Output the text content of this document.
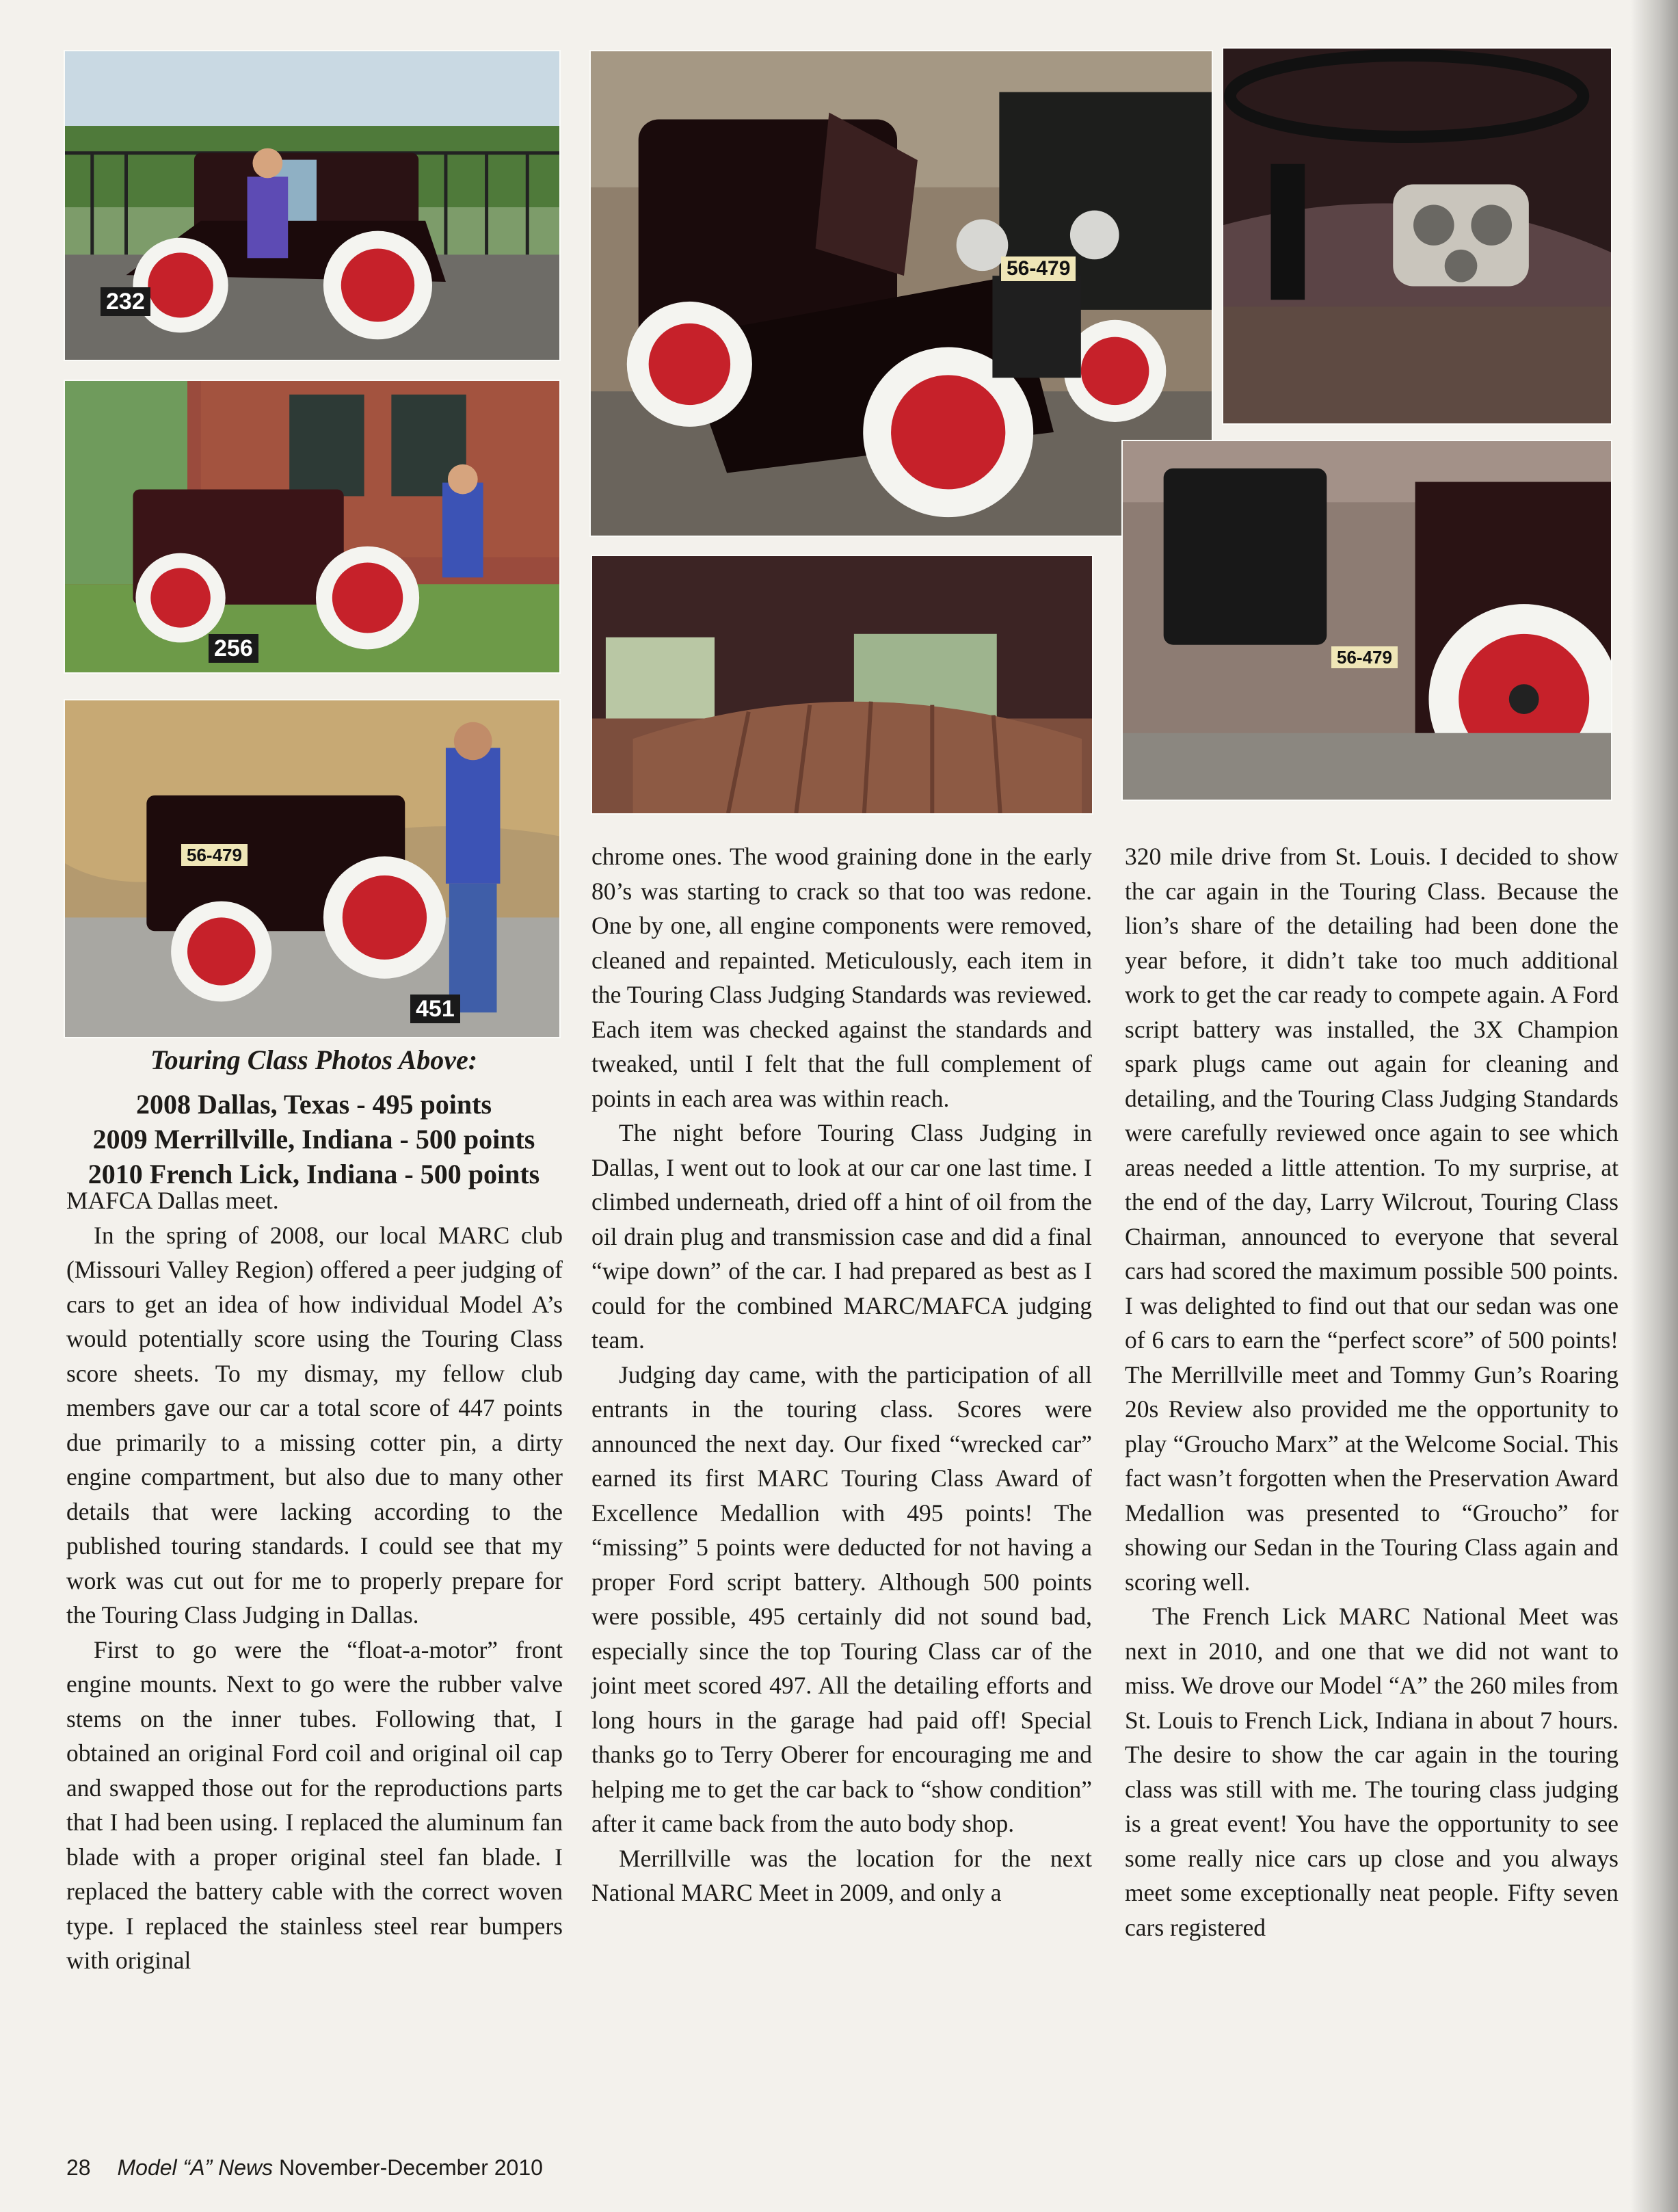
232
256
56-479
451
56-479
56-479
Touring Class Photos Above:
2008 Dallas, Texas - 495 points
2009 Merrillville, Indiana - 500 points
2010 French Lick, Indiana - 500 points

MAFCA Dallas meet.

In the spring of 2008, our local MARC club (Missouri Valley Region) offered a peer judging of cars to get an idea of how individual Model A’s would potentially score using the Touring Class score sheets. To my dismay, my fellow club members gave our car a total score of 447 points due primarily to a missing cotter pin, a dirty engine compartment, but also due to many other details that were lacking according to the published touring standards. I could see that my work was cut out for me to properly prepare for the Touring Class Judging in Dallas.

First to go were the “float-a-motor” front engine mounts. Next to go were the rubber valve stems on the inner tubes. Following that, I obtained an original Ford coil and original oil cap and swapped those out for the reproductions parts that I had been using. I replaced the aluminum fan blade with a proper original steel fan blade. I replaced the battery cable with the correct woven type. I replaced the stainless steel rear bumpers with original

chrome ones. The wood graining done in the early 80’s was starting to crack so that too was redone. One by one, all engine components were removed, cleaned and repainted. Meticulously, each item in the Touring Class Judging Standards was reviewed. Each item was checked against the standards and tweaked, until I felt that the full complement of points in each area was within reach.

The night before Touring Class Judging in Dallas, I went out to look at our car one last time. I climbed underneath, dried off a hint of oil from the oil drain plug and transmission case and did a final “wipe down” of the car. I had prepared as best as I could for the combined MARC/MAFCA judging team.

Judging day came, with the participation of all entrants in the touring class. Scores were announced the next day. Our fixed “wrecked car” earned its first MARC Touring Class Award of Excellence Medallion with 495 points! The “missing” 5 points were deducted for not having a proper Ford script battery. Although 500 points were possible, 495 certainly did not sound bad, especially since the top Touring Class car of the joint meet scored 497. All the detailing efforts and long hours in the garage had paid off! Special thanks go to Terry Oberer for encouraging me and helping me to get the car back to “show condition” after it came back from the auto body shop.

Merrillville was the location for the next National MARC Meet in 2009, and only a

320 mile drive from St. Louis. I decided to show the car again in the Touring Class. Because the lion’s share of the detailing had been done the year before, it didn’t take too much additional work to get the car ready to compete again. A Ford script battery was installed, the 3X Champion spark plugs came out again for cleaning and detailing, and the Touring Class Judging Standards were carefully reviewed once again to see which areas needed a little attention. To my surprise, at the end of the day, Larry Wilcrout, Touring Class Chairman, announced to everyone that several cars had scored the maximum possible 500 points. I was delighted to find out that our sedan was one of 6 cars to earn the “perfect score” of 500 points! The Merrillville meet and Tommy Gun’s Roaring 20s Review also provided me the opportunity to play “Groucho Marx” at the Welcome Social. This fact wasn’t forgotten when the Preservation Award Medallion was presented to “Groucho” for showing our Sedan in the Touring Class again and scoring well.

The French Lick MARC National Meet was next in 2010, and one that we did not want to miss. We drove our Model “A” the 260 miles from St. Louis to French Lick, Indiana in about 7 hours. The desire to show the car again in the touring class was still with me. The touring class judging is a great event! You have the opportunity to see some really nice cars up close and you always meet some exceptionally neat people. Fifty seven cars registered

28 Model “A” News November-December 2010
